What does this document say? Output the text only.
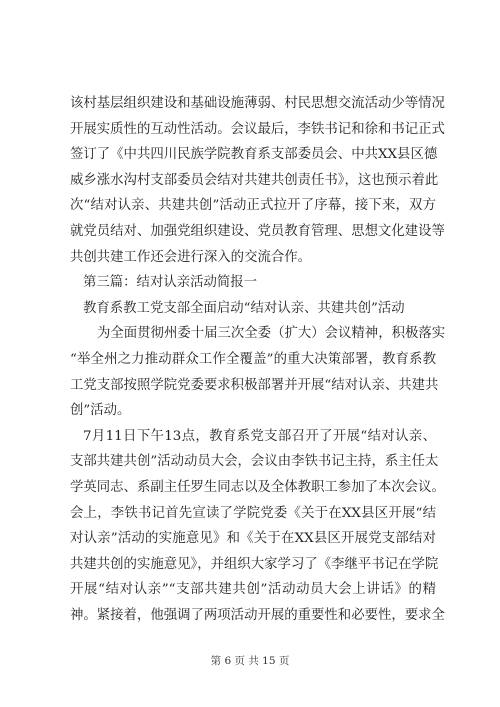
该村基层组织建设和基础设施薄弱、村民思想交流活动少等情况
开展实质性的互动性活动。会议最后，李铁书记和徐和书记正式
签订了《中共四川民族学院教育系支部委员会、中共XX县区德
威乡涨水沟村支部委员会结对共建共创责任书》，这也预示着此
次“结对认亲、共建共创”活动正式拉开了序幕，接下来，双方
就党员结对、加强党组织建设、党员教育管理、思想文化建设等
共创共建工作还会进行深入的交流合作。
第三篇：结对认亲活动简报一
教育系教工党支部全面启动“结对认亲、共建共创”活动
为全面贯彻州委十届三次全委（扩大）会议精神，积极落实
“举全州之力推动群众工作全覆盖”的重大决策部署，教育系教
工党支部按照学院党委要求积极部署并开展“结对认亲、共建共
创”活动。
7月11日下午13点，教育系党支部召开了开展“结对认亲、
支部共建共创”活动动员大会，会议由李铁书记主持，系主任太
学英同志、系副主任罗生同志以及全体教职工参加了本次会议。
会上，李铁书记首先宣读了学院党委《关于在XX县区开展“结
对认亲”活动的实施意见》和《关于在XX县区开展党支部结对
共建共创的实施意见》，并组织大家学习了《李继平书记在学院
开展“结对认亲”“支部共建共创”活动动员大会上讲话》的精
神。紧接着，他强调了两项活动开展的重要性和必要性，要求全
第 6 页 共 15 页
